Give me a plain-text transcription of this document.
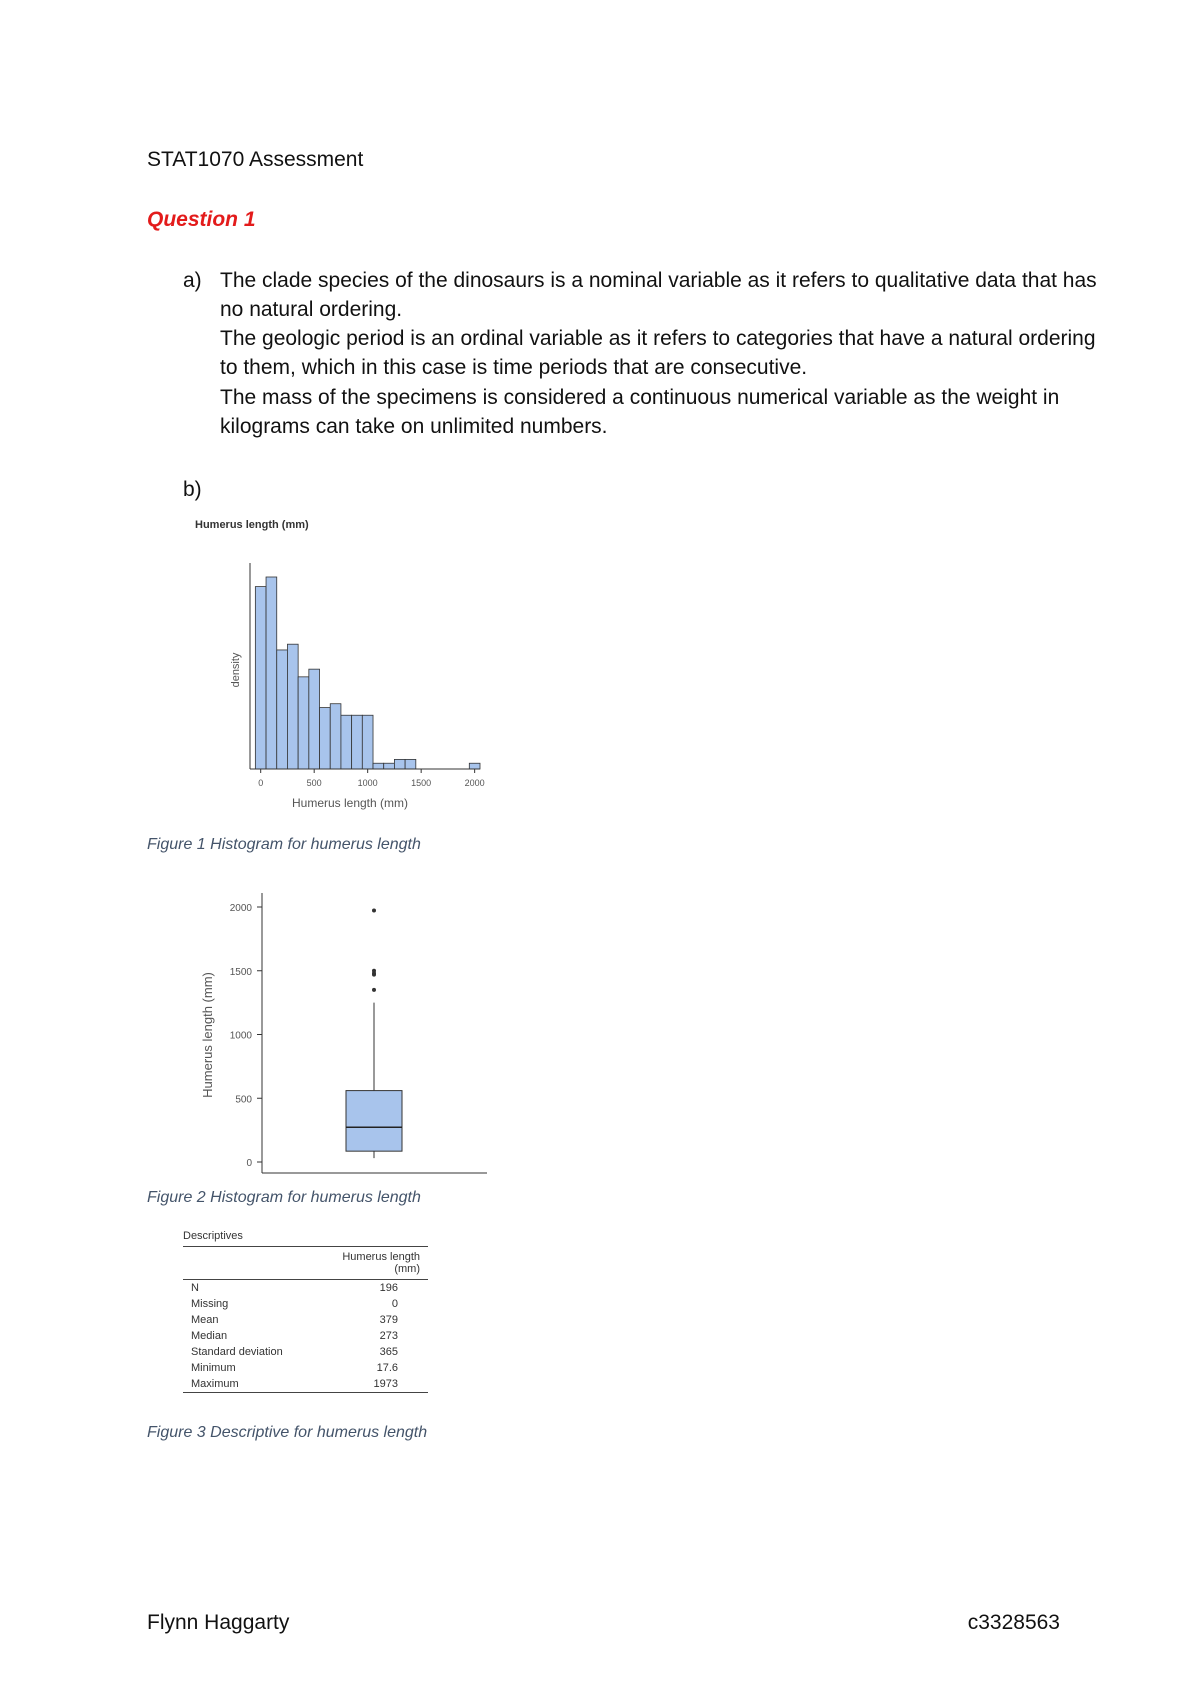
STAT1070 Assessment
Question 1
a) The clade species of the dinosaurs is a nominal variable as it refers to qualitative data that has no natural ordering.
The geologic period is an ordinal variable as it refers to categories that have a natural ordering to them, which in this case is time periods that are consecutive.
The mass of the specimens is considered a continuous numerical variable as the weight in kilograms can take on unlimited numbers.
b)
Humerus length (mm)
density
0	500	1000	1500	2000
Humerus length (mm)
Figure 1 Histogram for humerus length
Humerus length (mm)
0
500
1000
1500
2000
Figure 2 Histogram for humerus length
Descriptives
	Humerus length (mm)
N	196
Missing	0
Mean	379
Median	273
Standard deviation	365
Minimum	17.6
Maximum	1973
Figure 3 Descriptive for humerus length
Flynn Haggarty	c3328563
